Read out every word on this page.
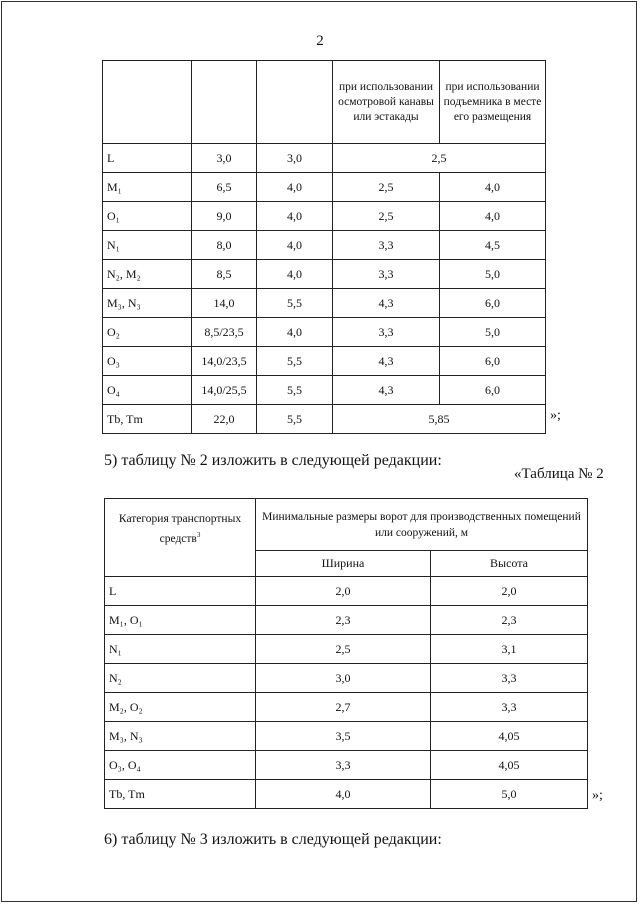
2
			при использовании осмотровой канавы или эстакады	при использовании подъемника в месте его размещения
L	3,0	3,0	2,5	
M₁	6,5	4,0	2,5	4,0
O₁	9,0	4,0	2,5	4,0
N₁	8,0	4,0	3,3	4,5
N₂, M₂	8,5	4,0	3,3	5,0
M₃, N₃	14,0	5,5	4,3	6,0
O₂	8,5/23,5	4,0	3,3	5,0
O₃	14,0/23,5	5,5	4,3	6,0
O₄	14,0/25,5	5,5	4,3	6,0
Tb, Tm	22,0	5,5	5,85		»;
5) таблицу № 2 изложить в следующей редакции:
«Таблица № 2
Категория транспортных средств$^3$	Минимальные размеры ворот для производственных помещений или сооружений, м	
	Ширина	Высота
L	2,0	2,0
M₁, O₁	2,3	2,3
N₁	2,5	3,1
N₂	3,0	3,3
M₂, O₂	2,7	3,3
M₃, N₃	3,5	4,05
O₃, O₄	3,3	4,05
Tb, Tm	4,0	5,0	»;
6) таблицу № 3 изложить в следующей редакции:
